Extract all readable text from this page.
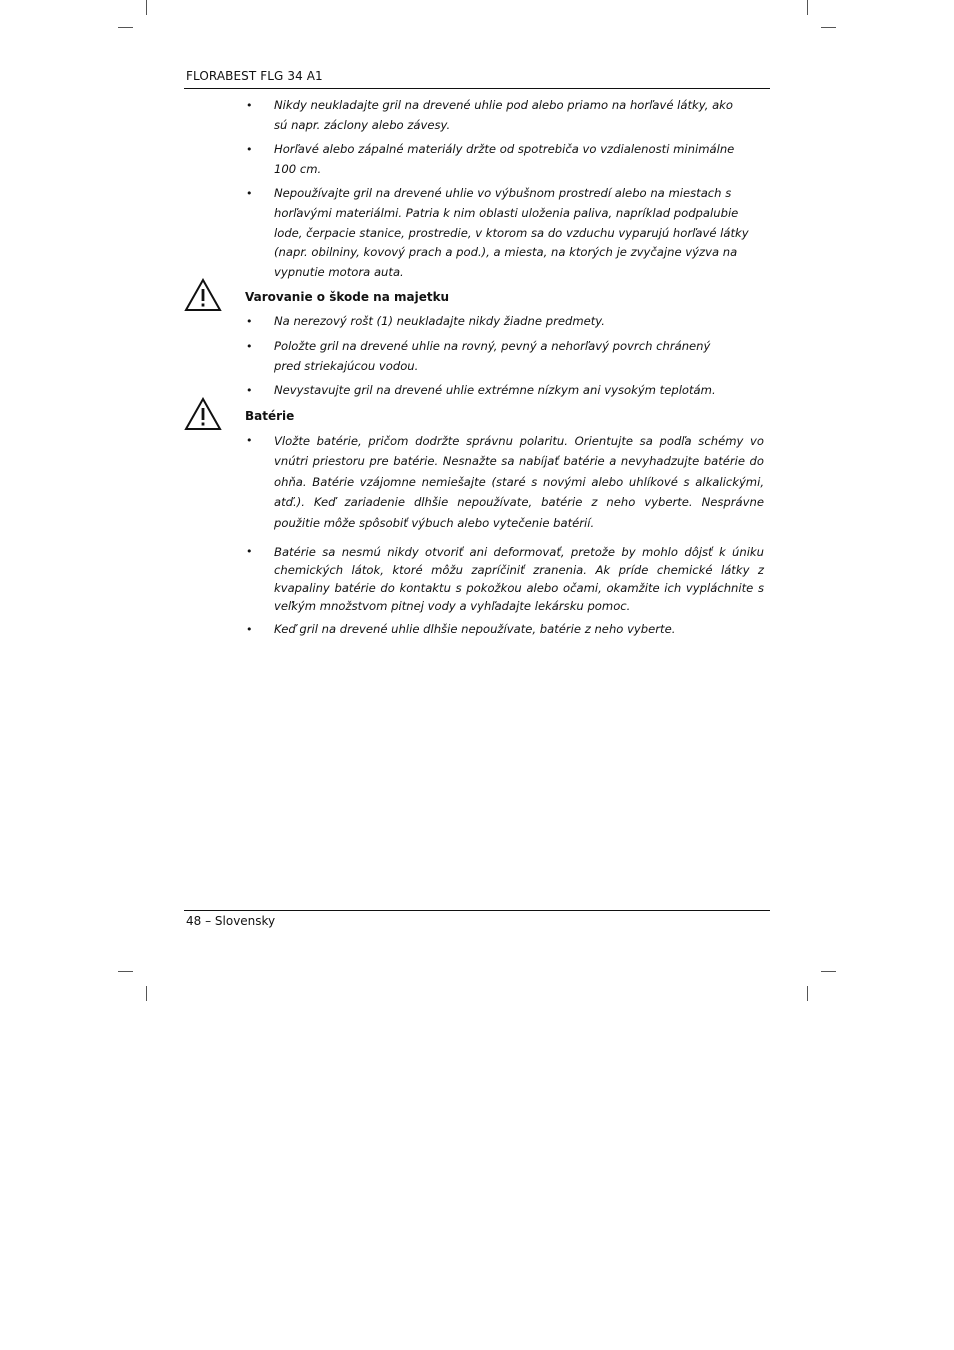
FLORABEST FLG 34 A1
• Nikdy neukladajte gril na drevené uhlie pod alebo priamo na horľavé látky, ako sú napr. záclony alebo závesy.
• Horľavé alebo zápalné materiály držte od spotrebiča vo vzdialenosti minimálne 100 cm.
• Nepoužívajte gril na drevené uhlie vo výbušnom prostredí alebo na miestach s horľavými materiálmi. Patria k nim oblasti uloženia paliva, napríklad podpalubie lode, čerpacie stanice, prostredie, v ktorom sa do vzduchu vyparujú horľavé látky (napr. obilniny, kovový prach a pod.), a miesta, na ktorých je zvyčajne výzva na vypnutie motora auta.
Varovanie o škode na majetku
• Na nerezový rošt (1) neukladajte nikdy žiadne predmety.
• Položte gril na drevené uhlie na rovný, pevný a nehorľavý povrch chránený pred striekajúcou vodou.
• Nevystavujte gril na drevené uhlie extrémne nízkym ani vysokým teplotám.
Batérie
• Vložte batérie, pričom dodržte správnu polaritu. Orientujte sa podľa schémy vo vnútri priestoru pre batérie. Nesnažte sa nabíjať batérie a nevyhadzujte batérie do ohňa. Batérie vzájomne nemiešajte (staré s novými alebo uhlíkové s alkalickými, atď.). Keď zariadenie dlhšie nepoužívate, batérie z neho vyberte. Nesprávne použitie môže spôsobiť výbuch alebo vytečenie batérií.
• Batérie sa nesmú nikdy otvoriť ani deformovať, pretože by mohlo dôjsť k úniku chemických látok, ktoré môžu zapríčiniť zranenia. Ak príde chemické látky z kvapaliny batérie do kontaktu s pokožkou alebo očami, okamžite ich vypláchnite s veľkým množstvom pitnej vody a vyhľadajte lekársku pomoc.
• Keď gril na drevené uhlie dlhšie nepoužívate, batérie z neho vyberte.
48 – Slovensky
